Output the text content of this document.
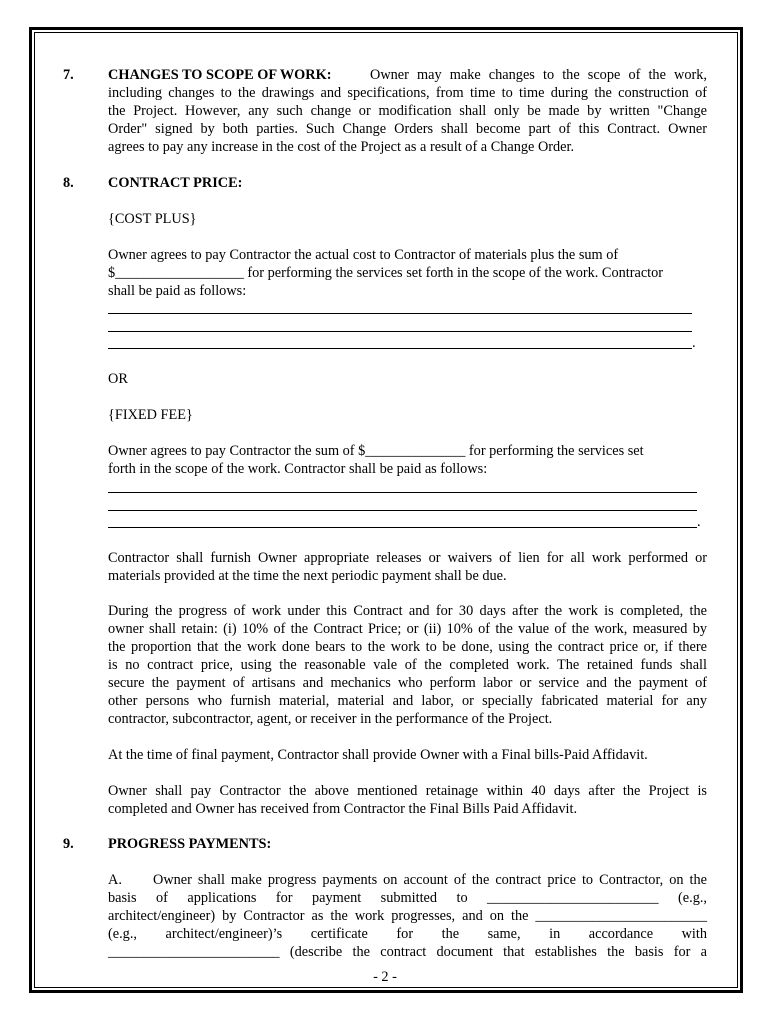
7. CHANGES TO SCOPE OF WORK:	Owner may make changes to the scope of the work,
including changes to the drawings and specifications, from time to time during the construction of
the Project. However, any such change or modification shall only be made by written "Change
Order" signed by both parties. Such Change Orders shall become part of this Contract. Owner
agrees to pay any increase in the cost of the Project as a result of a Change Order.
8. CONTRACT PRICE:
{COST PLUS}
Owner agrees to pay Contractor the actual cost to Contractor of materials plus the sum of
$__________________ for performing the services set forth in the scope of the work. Contractor
shall be paid as follows:
.
OR
{FIXED FEE}
Owner agrees to pay Contractor the sum of $______________ for performing the services set
forth in the scope of the work. Contractor shall be paid as follows:
.
Contractor shall furnish Owner appropriate releases or waivers of lien for all work performed or
materials provided at the time the next periodic payment shall be due.
During the progress of work under this Contract and for 30 days after the work is completed, the
owner shall retain: (i) 10% of the Contract Price; or (ii) 10% of the value of the work, measured by
the proportion that the work done bears to the work to be done, using the contract price or, if there
is no contract price, using the reasonable vale of the completed work. The retained funds shall
secure the payment of artisans and mechanics who perform labor or service and the payment of
other persons who furnish material, material and labor, or specially fabricated material for any
contractor, subcontractor, agent, or receiver in the performance of the Project.
At the time of final payment, Contractor shall provide Owner with a Final bills-Paid Affidavit.
Owner shall pay Contractor the above mentioned retainage within 40 days after the Project is
completed and Owner has received from Contractor the Final Bills Paid Affidavit.
9. PROGRESS PAYMENTS:
A. Owner shall make progress payments on account of the contract price to Contractor, on the
basis of applications for payment submitted to ________________________ (e.g.,
architect/engineer) by Contractor as the work progresses, and on the ________________________
(e.g., architect/engineer)’s certificate for the same, in accordance with
________________________ (describe the contract document that establishes the basis for a
- 2 -
